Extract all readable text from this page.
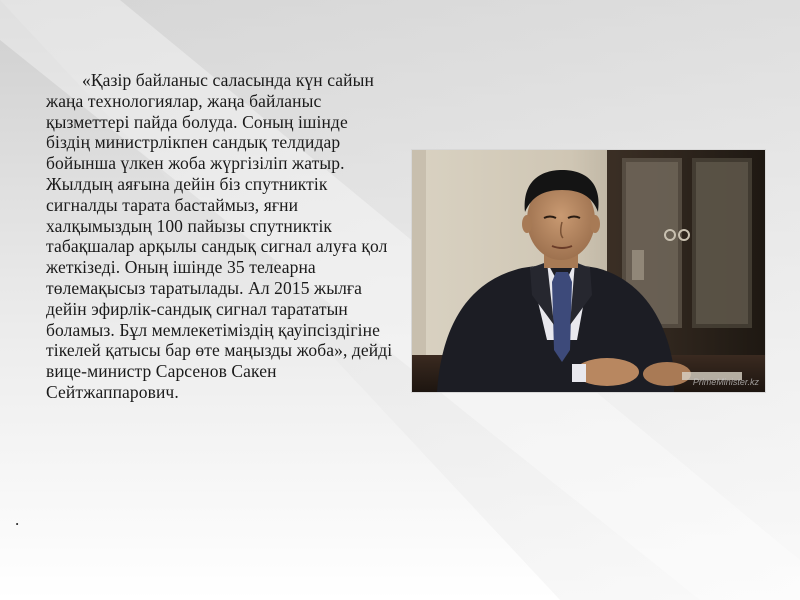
«Қазір байланыс саласында күн сайын жаңа технологиялар, жаңа байланыс қызметтері пайда болуда. Соның ішінде біздің министрлікпен сандық телдидар бойынша үлкен жоба жүргізіліп жатыр. Жылдың аяғына дейін біз спутниктік сигналды тарата бастаймыз, яғни халқымыздың 100 пайызы спутниктік табақшалар арқылы сандық сигнал алуға қол жеткізеді. Оның ішінде 35 телеарна төлемақысыз таратылады. Ал 2015 жылға дейін эфирлік-сандық сигнал тарататын боламыз. Бұл мемлекетіміздің қауіпсіздігіне тікелей қатысы бар өте маңызды жоба», дейді вице-министр Сарсенов Сакен Сейтжаппарович.

.
PrimeMinister.kz
